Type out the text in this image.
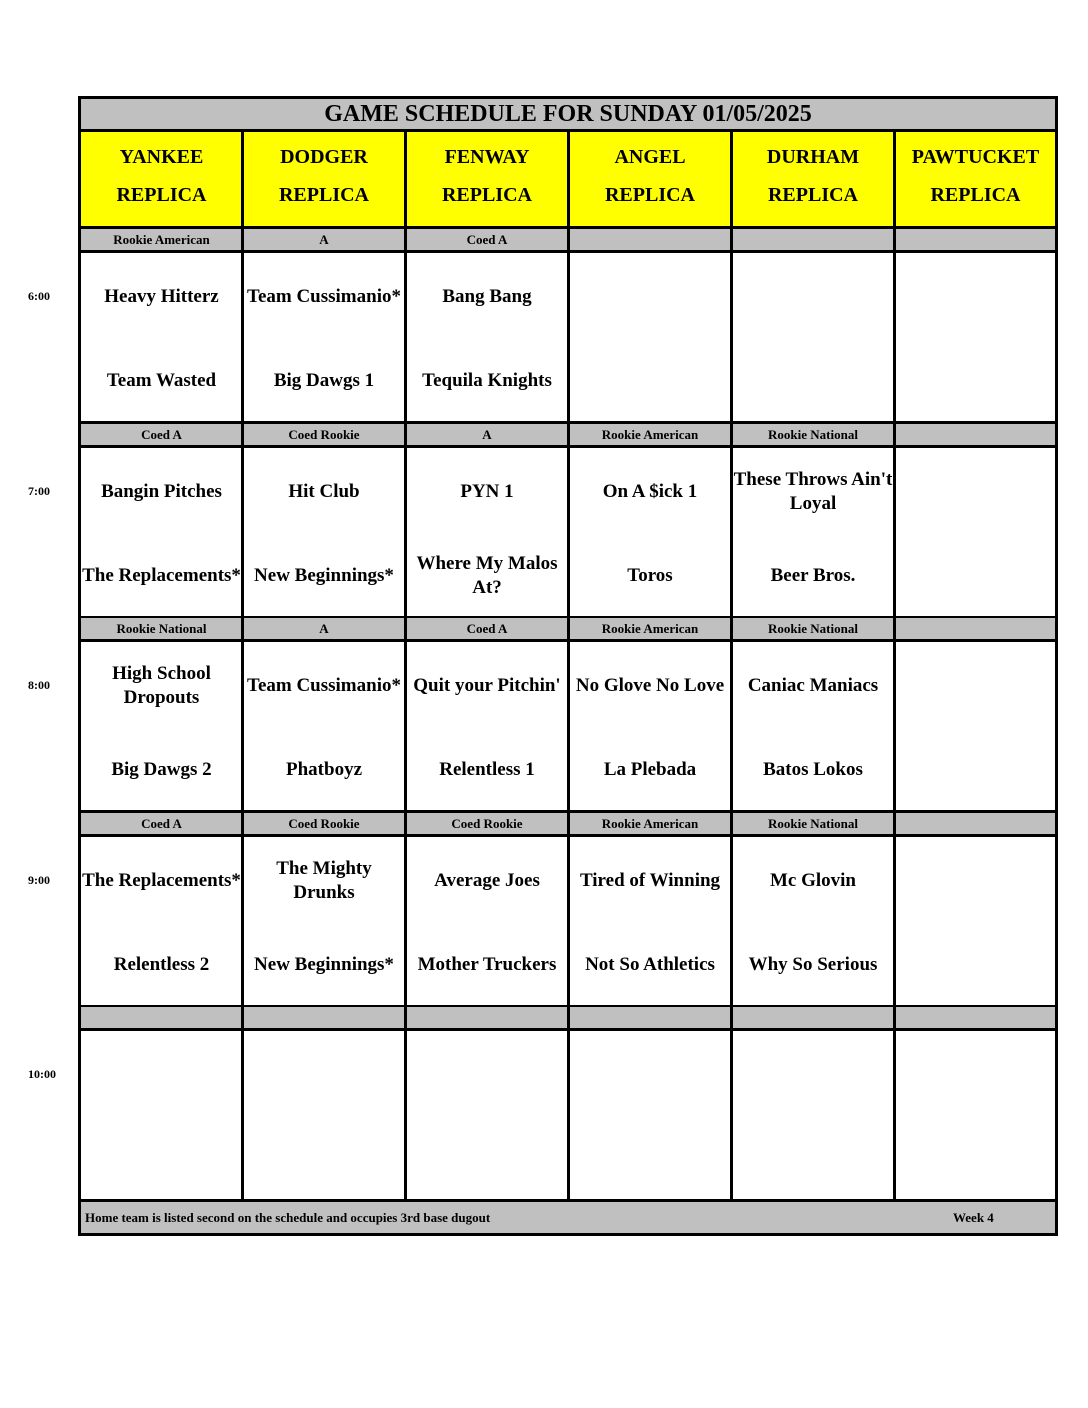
6:00
7:00
8:00
9:00
10:00
GAME SCHEDULE FOR SUNDAY 01/05/2025
YANKEE
REPLICA
DODGER
REPLICA
FENWAY
REPLICA
ANGEL
REPLICA
DURHAM
REPLICA
PAWTUCKET
REPLICA
Rookie American
Heavy Hitterz
Team Wasted
A
Team Cussimanio*
Big Dawgs 1
Coed A
Bang Bang
Tequila Knights
Coed A
Bangin Pitches
The Replacements*
Coed Rookie
Hit Club
New Beginnings*
A
PYN 1
Where My Malos At?
Rookie American
On A $ick 1
Toros
Rookie National
These Throws Ain't Loyal
Beer Bros.
Rookie National
High School Dropouts
Big Dawgs 2
A
Team Cussimanio*
Phatboyz
Coed A
Quit your Pitchin'
Relentless 1
Rookie American
No Glove No Love
La Plebada
Rookie National
Caniac Maniacs
Batos Lokos
Coed A
The Replacements*
Relentless 2
Coed Rookie
The Mighty Drunks
New Beginnings*
Coed Rookie
Average Joes
Mother Truckers
Rookie American
Tired of Winning
Not So Athletics
Rookie National
Mc Glovin
Why So Serious
Home team is listed second on the schedule and occupies 3rd base dugout	Week 4
